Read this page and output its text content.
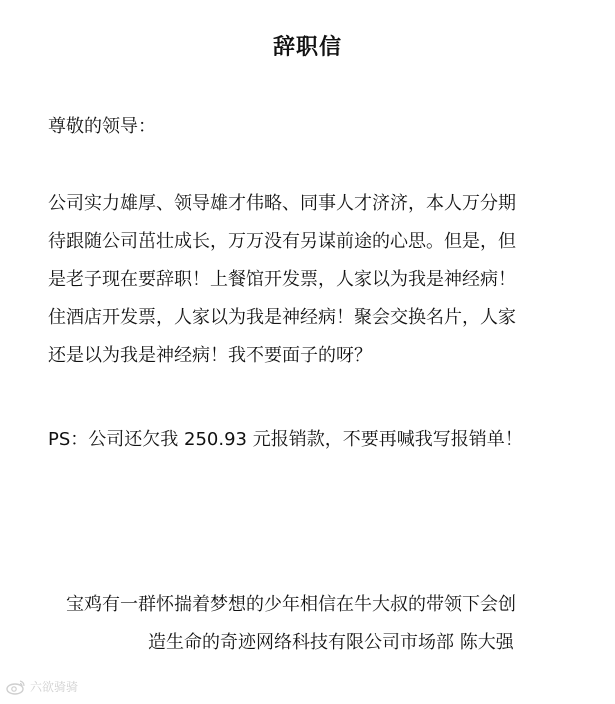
辞职信
尊敬的领导：
公司实力雄厚、领导雄才伟略、同事人才济济，本人万分期
待跟随公司茁壮成长，万万没有另谋前途的心思。但是，但
是老子现在要辞职！上餐馆开发票，人家以为我是神经病！
住酒店开发票，人家以为我是神经病！聚会交换名片，人家
还是以为我是神经病！我不要面子的呀？
PS：公司还欠我 250.93 元报销款，不要再喊我写报销单！
宝鸡有一群怀揣着梦想的少年相信在牛大叔的带领下会创
造生命的奇迹网络科技有限公司市场部 陈大强
六欲骑骑
